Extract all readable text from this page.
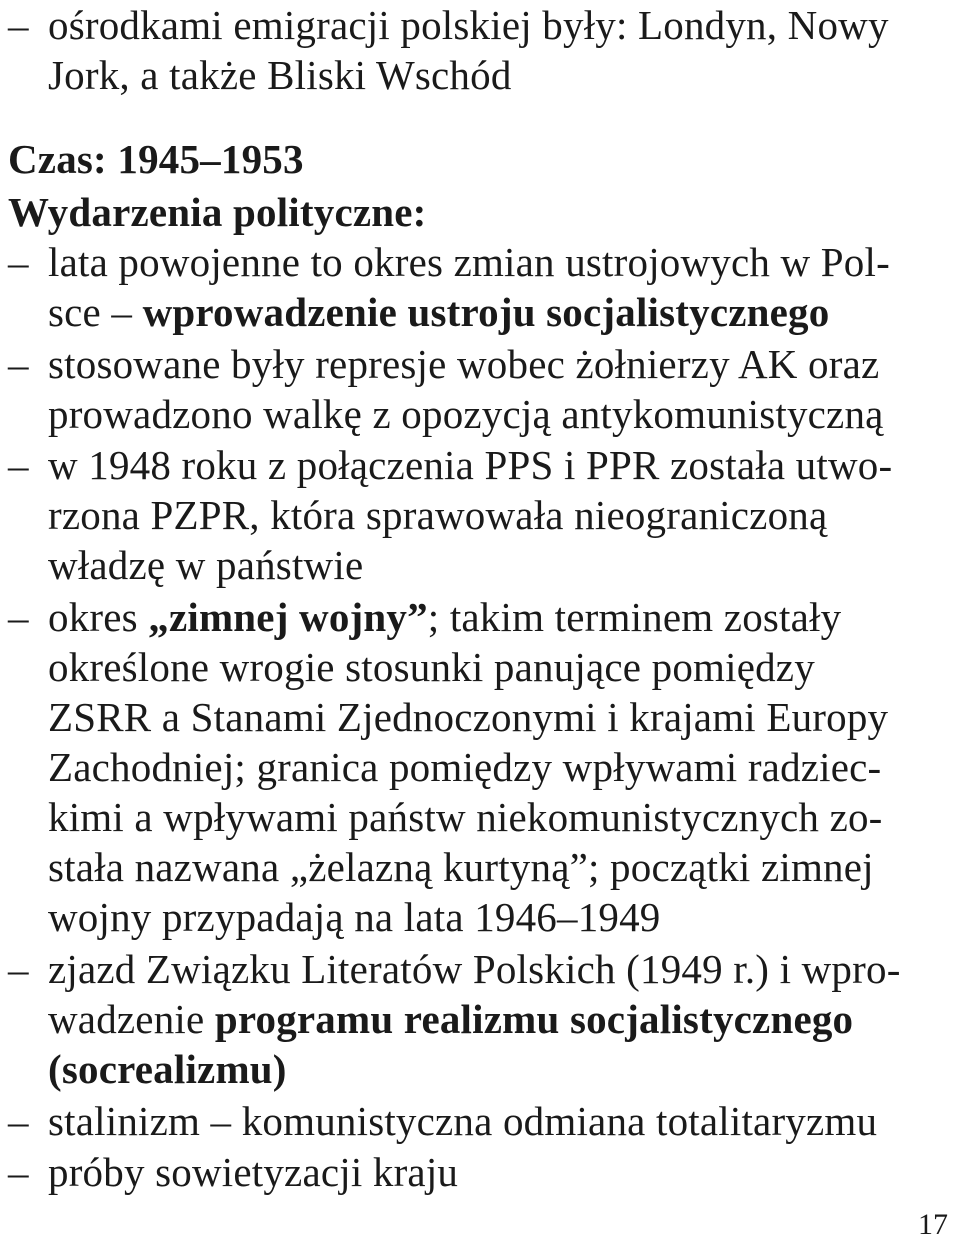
– ośrodkami emigracji polskiej były: Londyn, Nowy
Jork, a także Bliski Wschód
Czas: 1945–1953
Wydarzenia polityczne:
– lata powojenne to okres zmian ustrojowych w Pol-
sce – wprowadzenie ustroju socjalistycznego
– stosowane były represje wobec żołnierzy AK oraz
prowadzono walkę z opozycją antykomunistyczną
– w 1948 roku z połączenia PPS i PPR została utwo-
rzona PZPR, która sprawowała nieograniczoną
władzę w państwie
– okres „zimnej wojny”; takim terminem zostały
określone wrogie stosunki panujące pomiędzy
ZSRR a Stanami Zjednoczonymi i krajami Europy
Zachodniej; granica pomiędzy wpływami radziec-
kimi a wpływami państw niekomunistycznych zo-
stała nazwana „żelazną kurtyną”; początki zimnej
wojny przypadają na lata 1946–1949
– zjazd Związku Literatów Polskich (1949 r.) i wpro-
wadzenie programu realizmu socjalistycznego
(socrealizmu)
– stalinizm – komunistyczna odmiana totalitaryzmu
– próby sowietyzacji kraju
17
